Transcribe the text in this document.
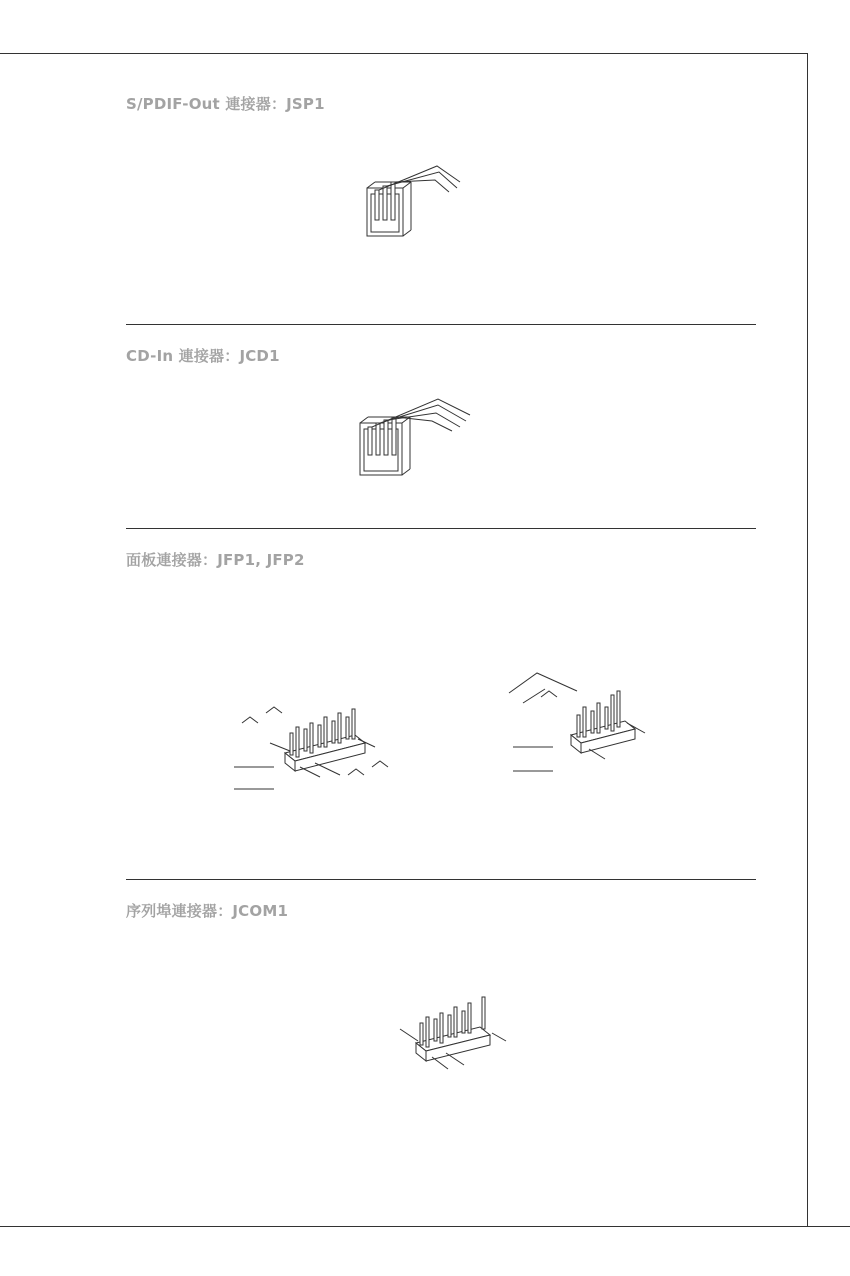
S/PDIF-Out 連接器：JSP1
CD-In 連接器：JCD1
面板連接器：JFP1, JFP2
序列埠連接器：JCOM1
